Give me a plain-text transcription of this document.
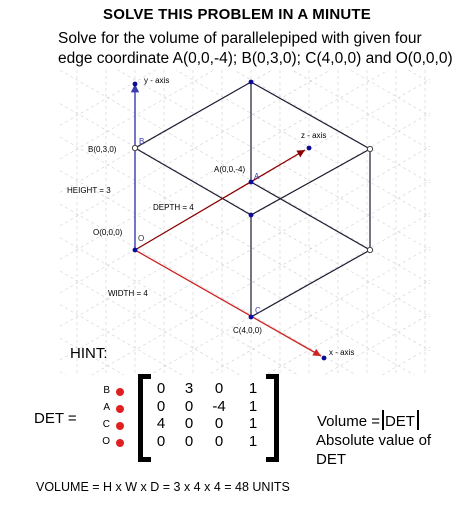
SOLVE THIS PROBLEM IN A MINUTE
Solve for the volume of parallelepiped with given four
edge coordinate A(0,0,-4); B(0,3,0); C(4,0,0) and O(0,0,0)
y - axis
z - axis
x - axis
B(0,3,0)
B
A(0,0,-4)
A
HEIGHT = 3
DEPTH = 4
O(0,0,0)
O
WIDTH = 4
C
C(4,0,0)
HINT:
DET =
B
A
C
O
0	3	0	1
0	0	-4	1
4	0	0	1
0	0	0	1
Volume = DET
Absolute value of
DET
VOLUME = H x W x D = 3 x 4 x 4 = 48 UNITS
